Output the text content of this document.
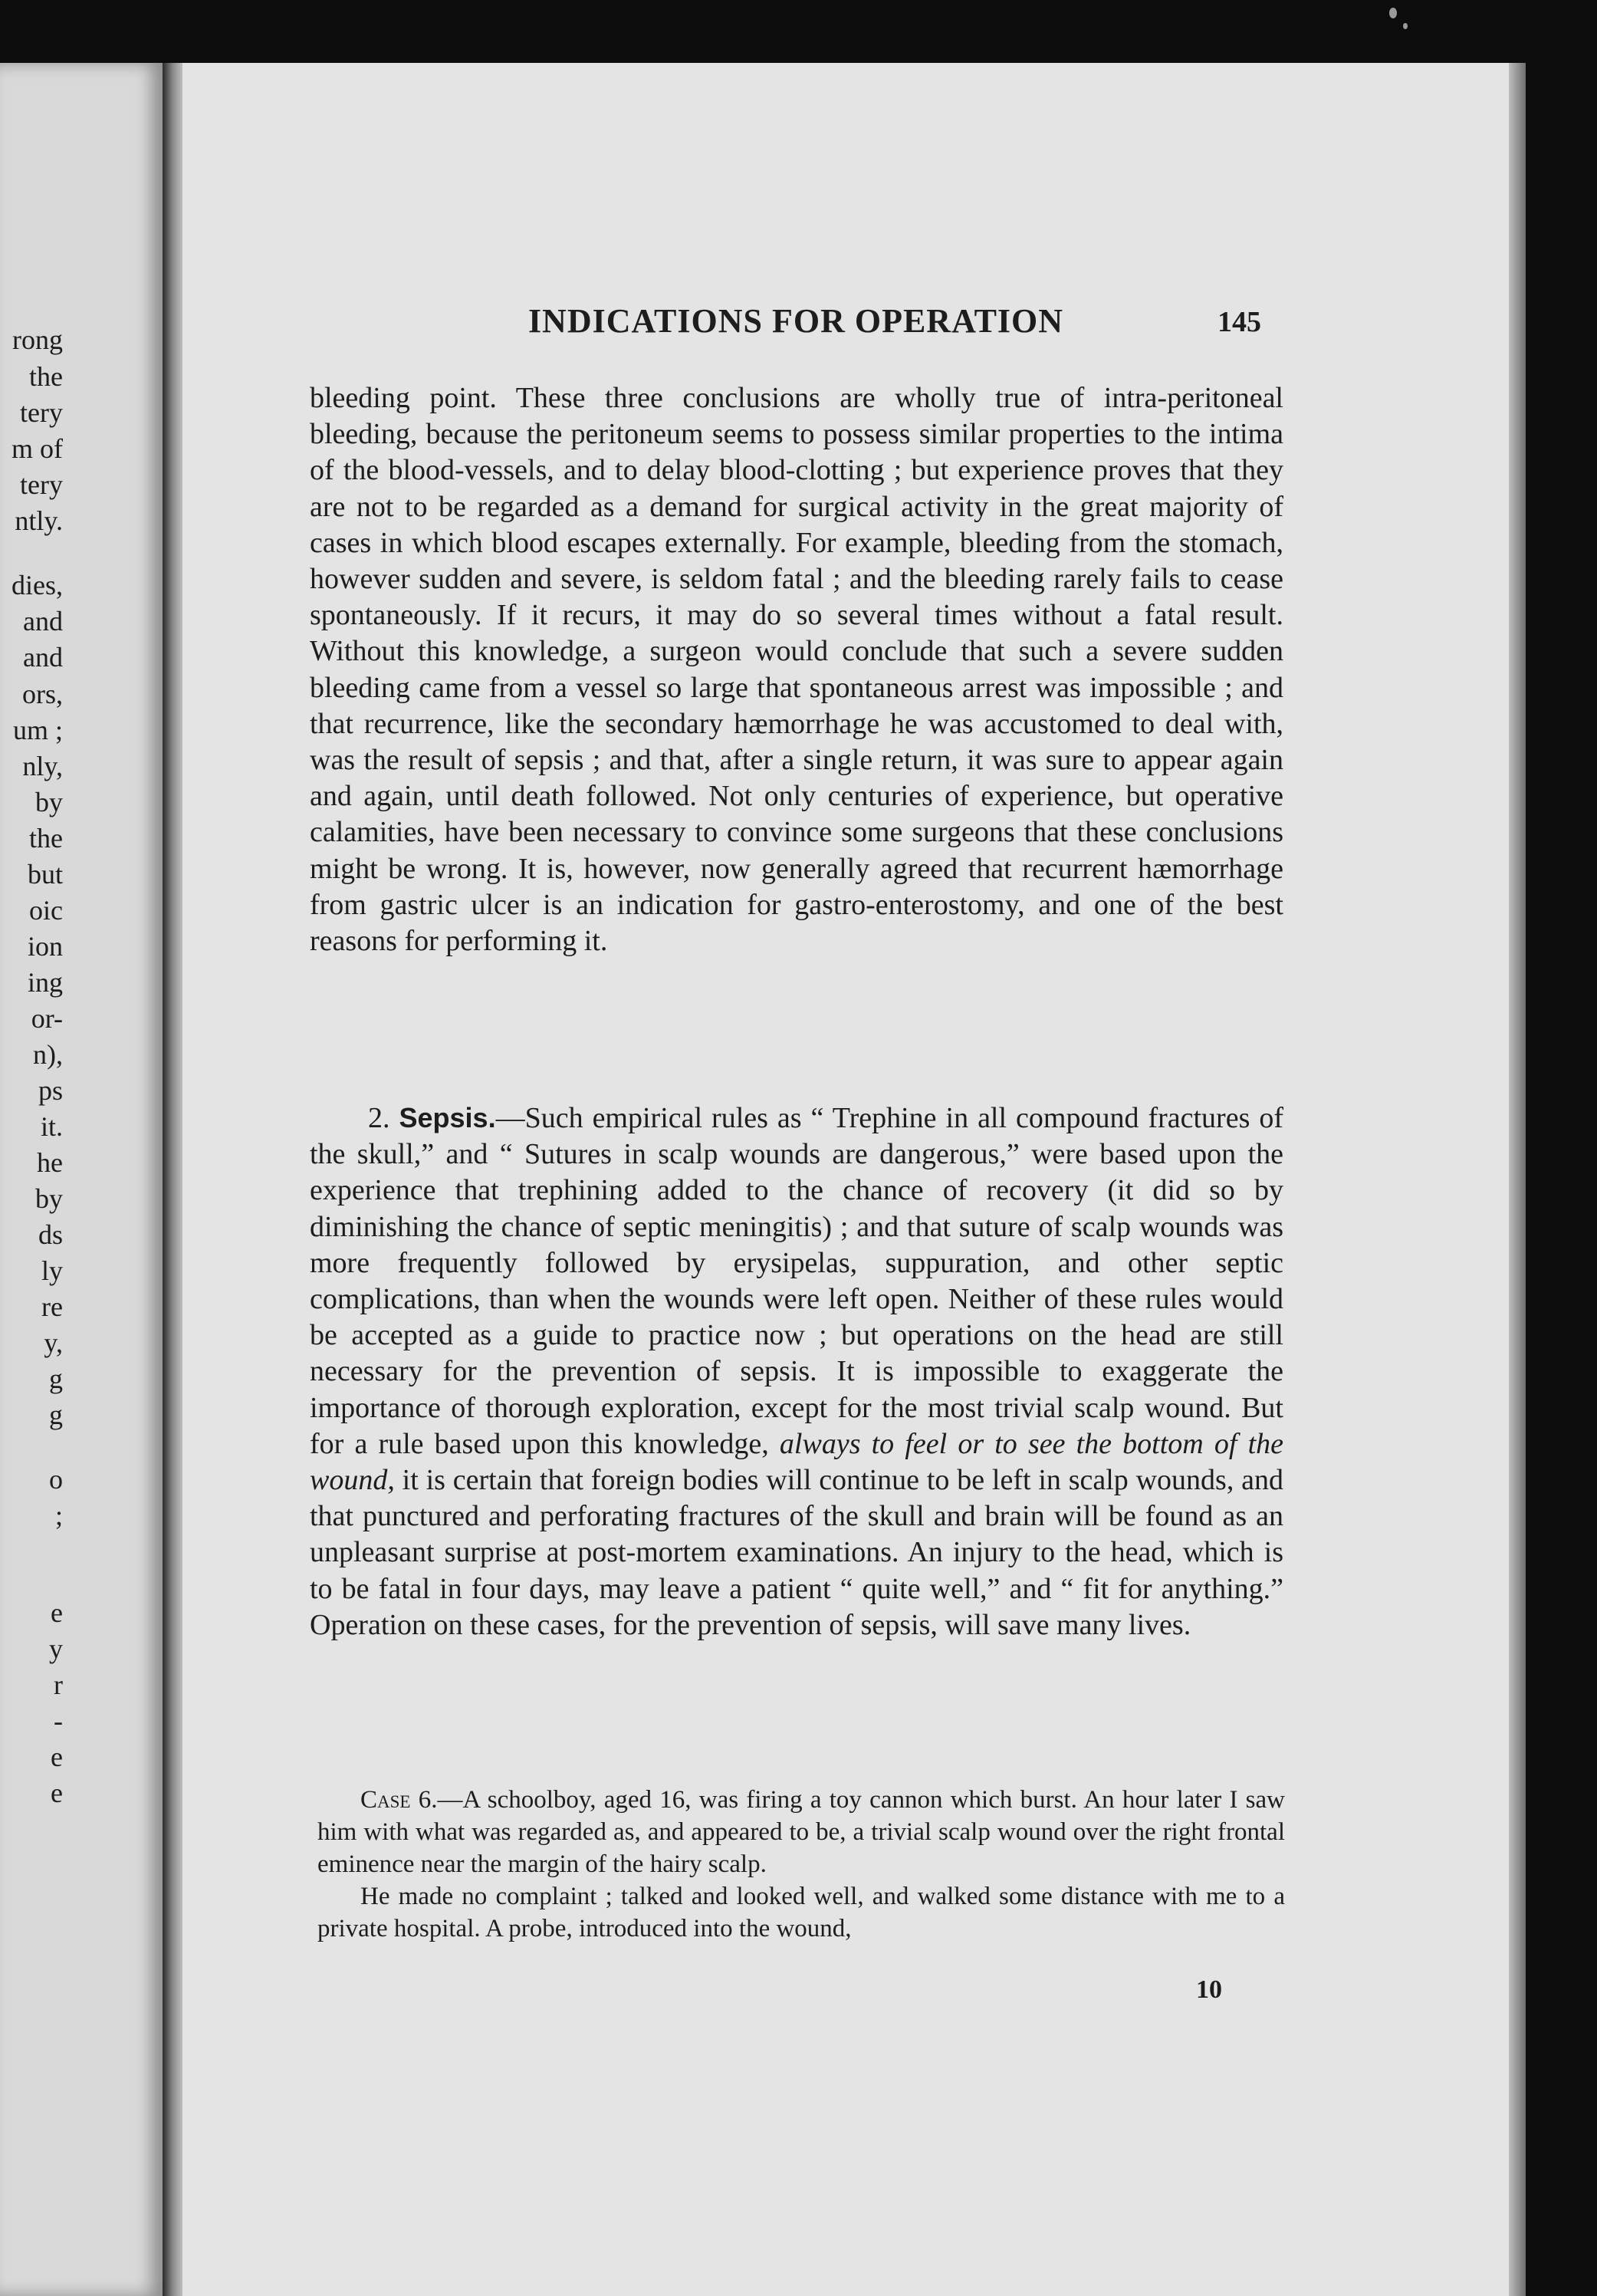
rong
the
tery
m of
tery
ntly.
dies,
and
and
ors,
um ;
nly,
by
the
but
oic
ion
ing
or-
n),
ps
it.
he
by
ds
ly
re
y,
g
g
o
;
e
y
r
-
e
e
INDICATIONS FOR OPERATION	145

bleeding point. These three conclusions are wholly true of intra-peritoneal bleeding, because the peritoneum seems to possess similar properties to the intima of the blood-vessels, and to delay blood-clotting ; but experience proves that they are not to be regarded as a demand for surgical activity in the great majority of cases in which blood escapes externally. For example, bleeding from the stomach, however sudden and severe, is seldom fatal ; and the bleeding rarely fails to cease spontaneously. If it recurs, it may do so several times without a fatal result. Without this knowledge, a surgeon would conclude that such a severe sudden bleeding came from a vessel so large that spontaneous arrest was impossible ; and that recurrence, like the secondary hæmorrhage he was accustomed to deal with, was the result of sepsis ; and that, after a single return, it was sure to appear again and again, until death followed. Not only centuries of experience, but operative calamities, have been necessary to convince some surgeons that these conclusions might be wrong. It is, however, now generally agreed that recurrent hæmorrhage from gastric ulcer is an indication for gastro-enterostomy, and one of the best reasons for performing it.

2. Sepsis.—Such empirical rules as “ Trephine in all compound fractures of the skull,” and “ Sutures in scalp wounds are dangerous,” were based upon the experience that trephining added to the chance of recovery (it did so by diminishing the chance of septic meningitis) ; and that suture of scalp wounds was more frequently followed by erysipelas, suppuration, and other septic complications, than when the wounds were left open. Neither of these rules would be accepted as a guide to practice now ; but operations on the head are still necessary for the prevention of sepsis. It is impossible to exaggerate the importance of thorough exploration, except for the most trivial scalp wound. But for a rule based upon this knowledge, always to feel or to see the bottom of the wound, it is certain that foreign bodies will continue to be left in scalp wounds, and that punctured and perforating fractures of the skull and brain will be found as an unpleasant surprise at post-mortem examinations. An injury to the head, which is to be fatal in four days, may leave a patient “ quite well,” and “ fit for anything.” Operation on these cases, for the prevention of sepsis, will save many lives.

Case 6.—A schoolboy, aged 16, was firing a toy cannon which burst. An hour later I saw him with what was regarded as, and appeared to be, a trivial scalp wound over the right frontal eminence near the margin of the hairy scalp.

He made no complaint ; talked and looked well, and walked some distance with me to a private hospital. A probe, introduced into the wound,

10
